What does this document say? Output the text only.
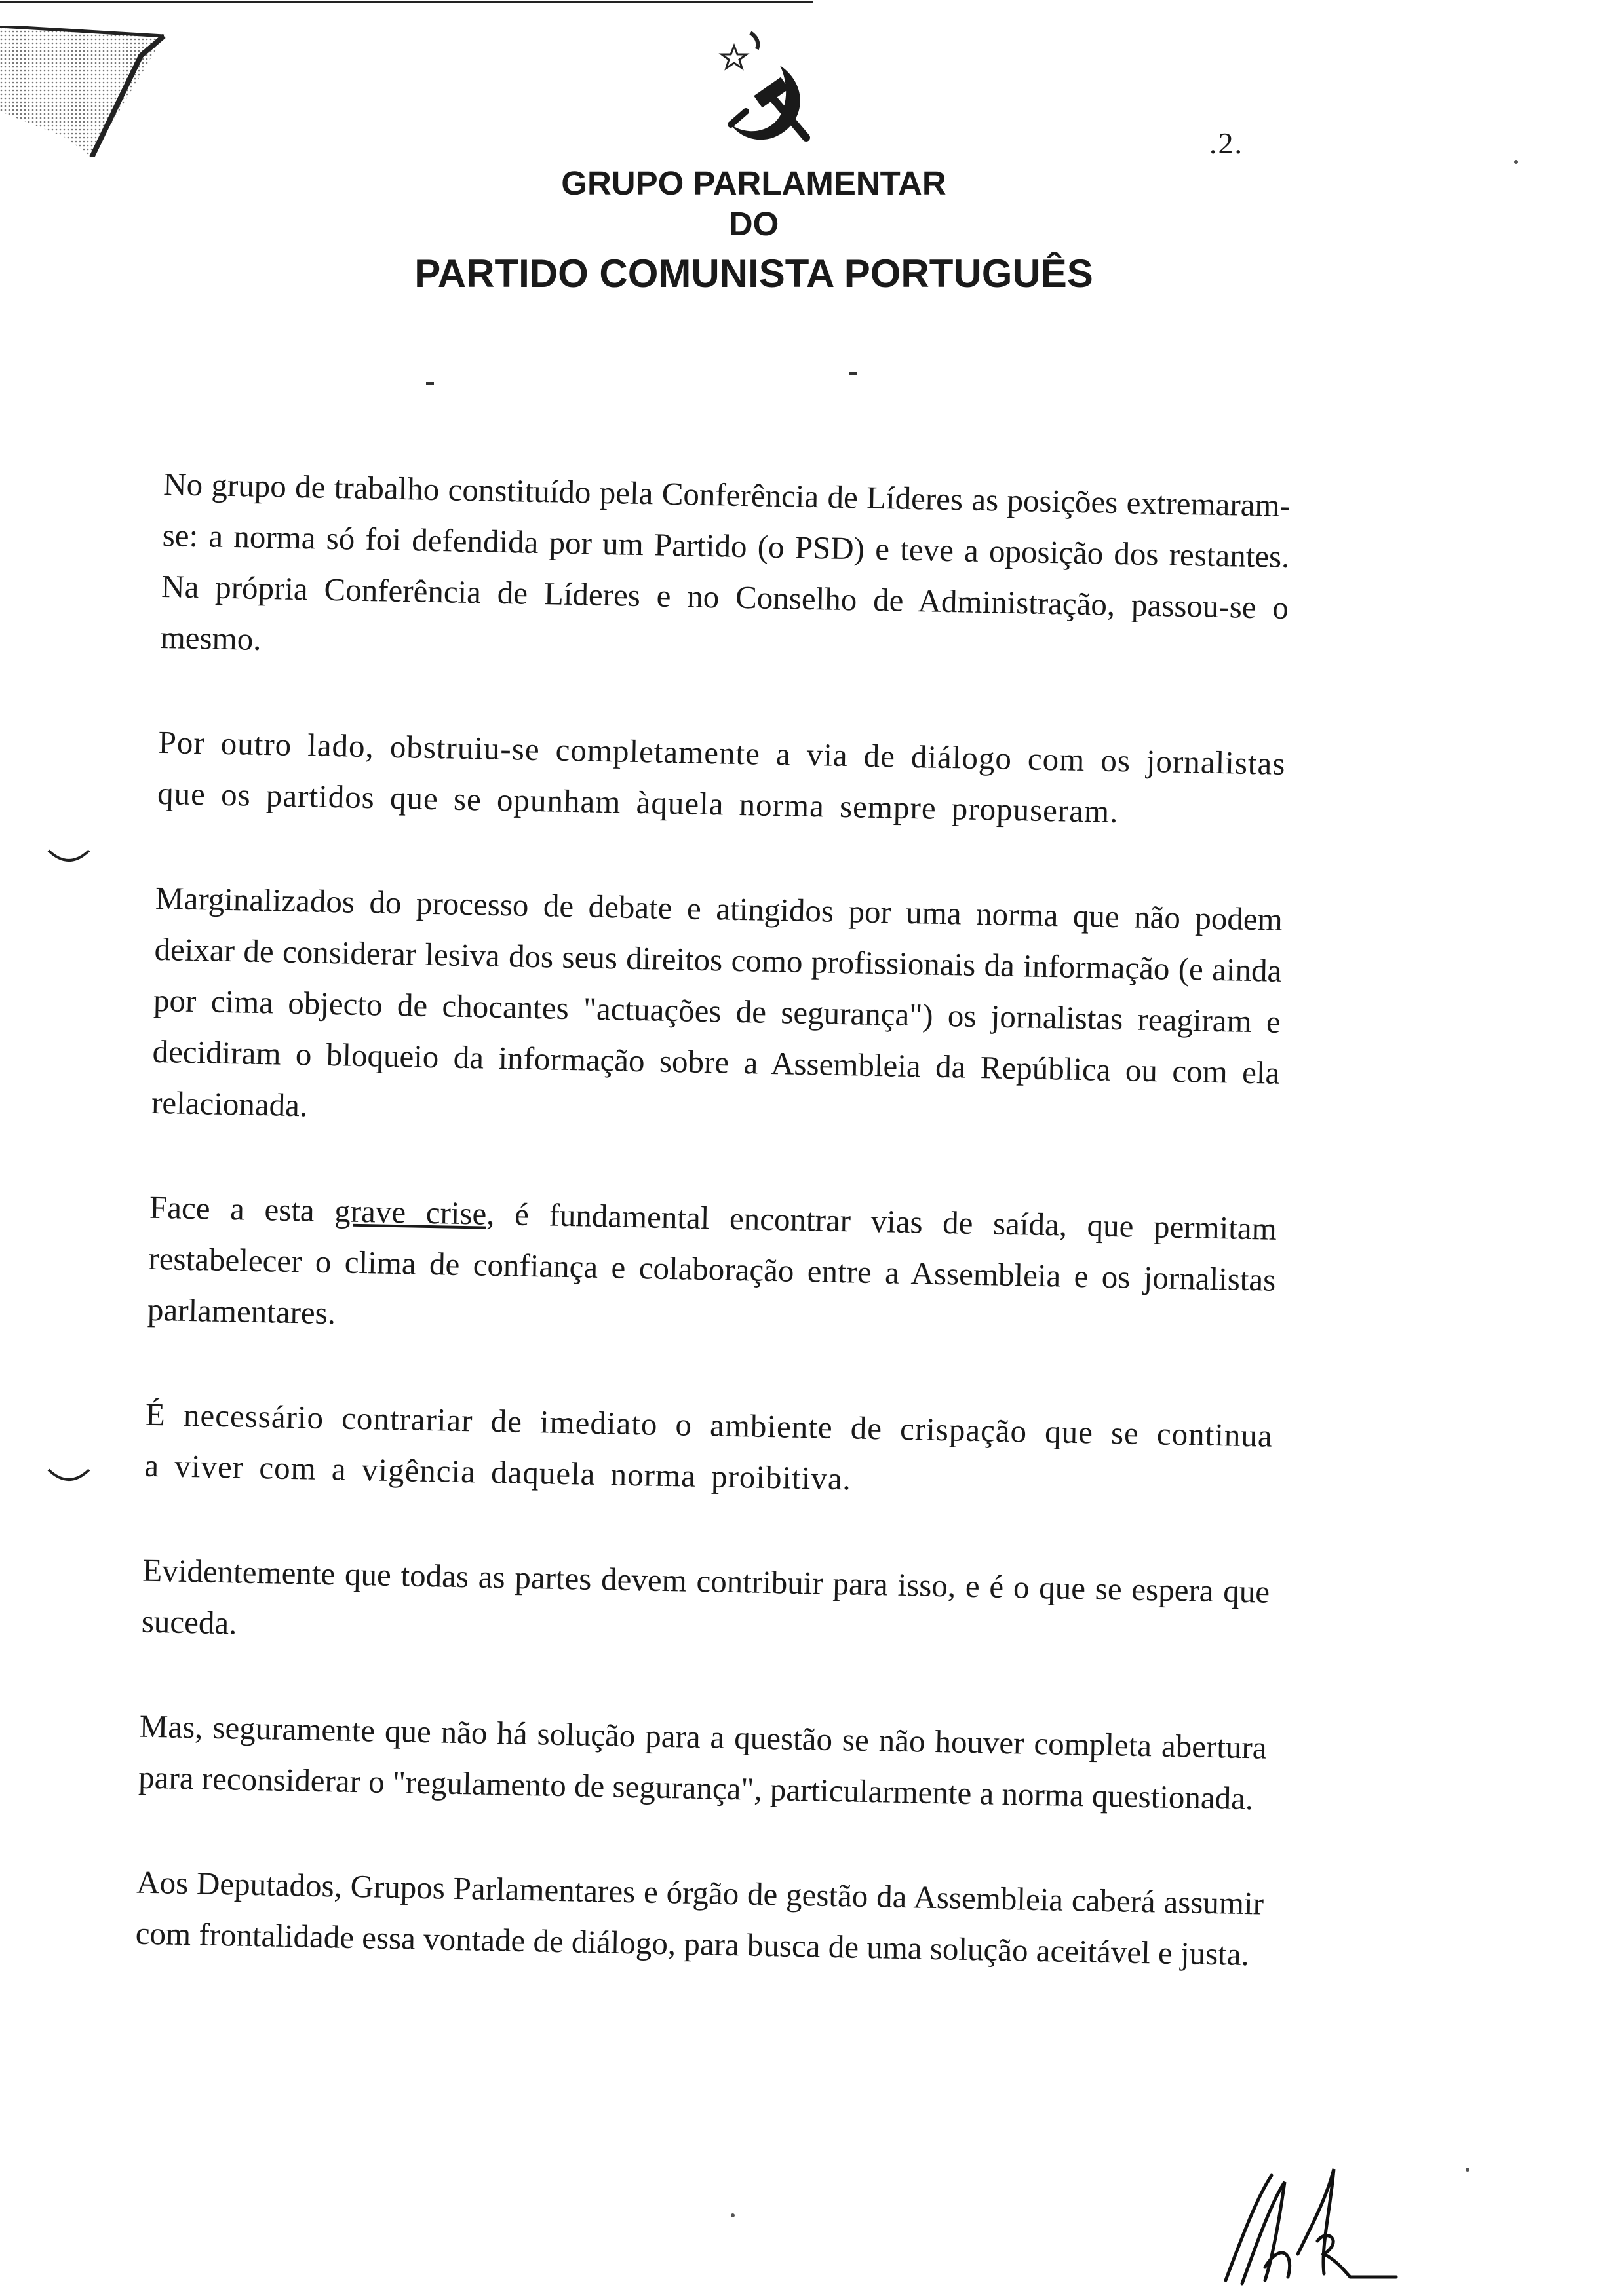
.2.
GRUPO PARLAMENTAR
DO
PARTIDO COMUNISTA PORTUGUÊS

No grupo de trabalho constituído pela Conferência de Líderes as posições extremaram-se: a norma só foi defendida por um Partido (o PSD) e teve a oposição dos restantes. Na própria Conferência de Líderes e no Conselho de Administração, passou-se o mesmo.

Por outro lado, obstruiu-se completamente a via de diálogo com os jornalistas que os partidos que se opunham àquela norma sempre propuseram.

Marginalizados do processo de debate e atingidos por uma norma que não podem deixar de considerar lesiva dos seus direitos como profissionais da informação (e ainda por cima objecto de chocantes "actuações de segurança") os jornalistas reagiram e decidiram o bloqueio da informação sobre a Assembleia da República ou com ela relacionada.

Face a esta grave crise, é fundamental encontrar vias de saída, que permitam restabelecer o clima de confiança e colaboração entre a Assembleia e os jornalistas parlamentares.

É necessário contrariar de imediato o ambiente de crispação que se continua a viver com a vigência daquela norma proibitiva.

Evidentemente que todas as partes devem contribuir para isso, e é o que se espera que suceda.

Mas, seguramente que não há solução para a questão se não houver completa abertura para reconsiderar o "regulamento de segurança", particularmente a norma questionada.

Aos Deputados, Grupos Parlamentares e órgão de gestão da Assembleia caberá assumir com frontalidade essa vontade de diálogo, para busca de uma solução aceitável e justa.
